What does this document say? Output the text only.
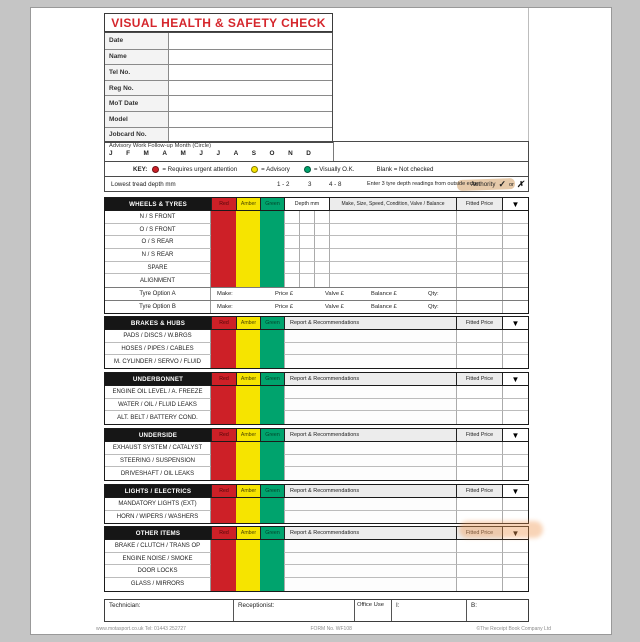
VISUAL HEALTH & SAFETY CHECK
Date
Name
Tel No.
Reg No.
MoT Date
Model
Jobcard No.
Advisory Work Follow-up Month (Circle)
J F M A M J J A S O N D
KEY: = Requires urgent attention	= Advisory	= Visually O.K.	Blank = Not checked
Lowest tread depth mm	1 - 2	3	4 - 8	Enter 3 tyre depth readings from outside edge
Authority ✓ or ✗
WHEELS & TYRES	Red	Amber	Green	Depth mm	Make, Size, Speed, Condition, Valve / Balance	Fitted Price	▼
N / S FRONT
O / S FRONT
O / S REAR
N / S REAR
SPARE
ALIGNMENT
Tyre Option A	Make:	Price £	Valve £	Balance £	Qty:
Tyre Option B	Make:	Price £	Valve £	Balance £	Qty:
BRAKES & HUBS	Red	Amber	Green	Report & Recommendations	Fitted Price	▼
PADS / DISCS / W.BRGS
HOSES / PIPES / CABLES
M. CYLINDER / SERVO / FLUID
UNDERBONNET	Red	Amber	Green	Report & Recommendations	Fitted Price	▼
ENGINE OIL LEVEL / A. FREEZE
WATER / OIL / FLUID LEAKS
ALT. BELT / BATTERY COND.
UNDERSIDE	Red	Amber	Green	Report & Recommendations	Fitted Price	▼
EXHAUST SYSTEM / CATALYST
STEERING / SUSPENSION
DRIVESHAFT / OIL LEAKS
LIGHTS / ELECTRICS	Red	Amber	Green	Report & Recommendations	Fitted Price	▼
MANDATORY LIGHTS (EXT)
HORN / WIPERS / WASHERS
OTHER ITEMS	Red	Amber	Green	Report & Recommendations	Fitted Price	▼
BRAKE / CLUTCH / TRANS OP
ENGINE NOISE / SMOKE
DOOR LOCKS
GLASS / MIRRORS
Technician:	Receptionist:	Office Use	I:	B:
www.motasport.co.uk Tel: 01443 252727	FORM No. WF108	©The Receipt Book Company Ltd
